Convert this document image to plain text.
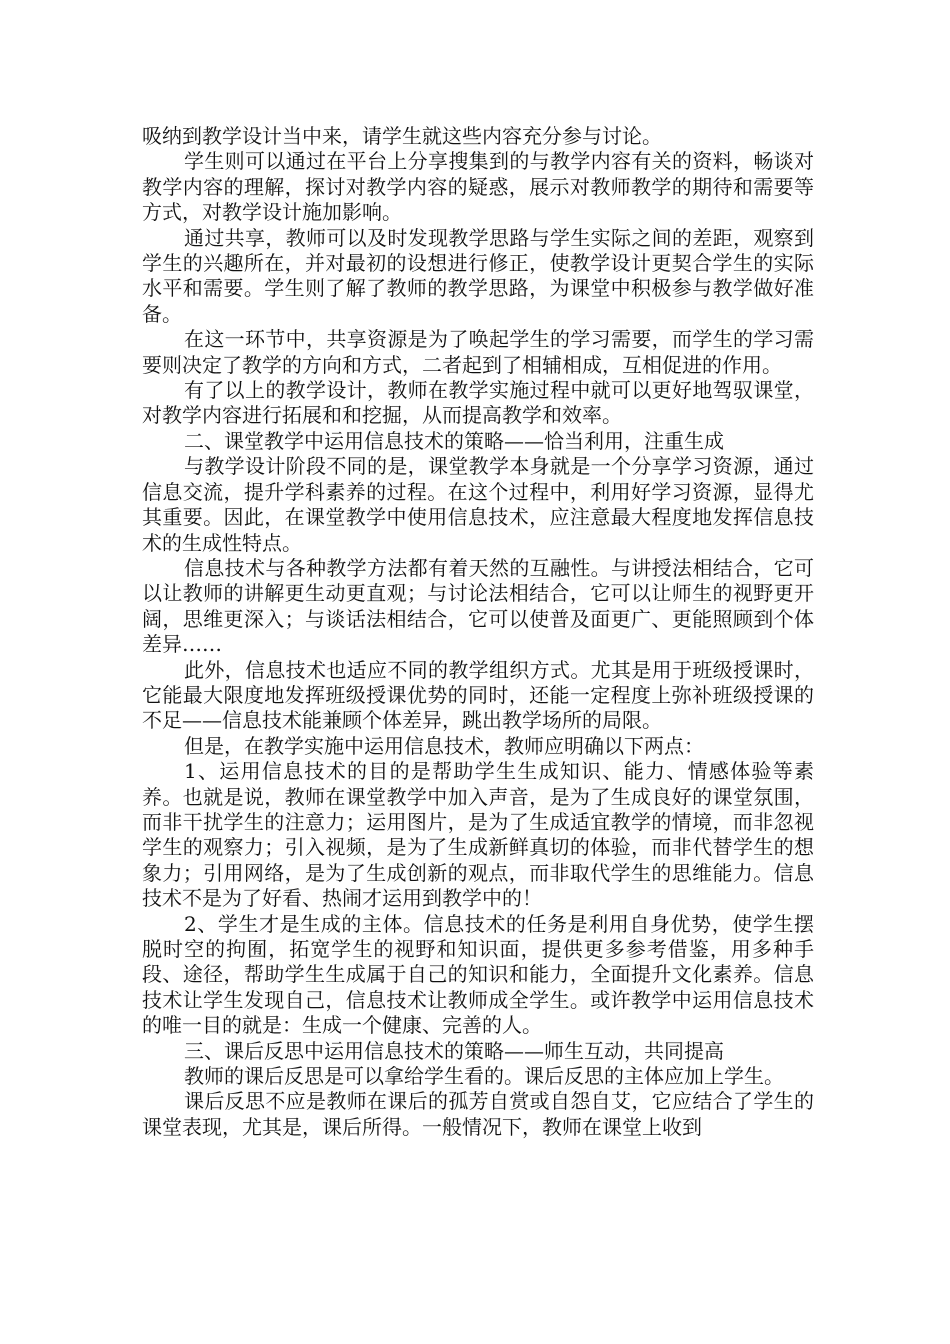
吸纳到教学设计当中来，请学生就这些内容充分参与讨论。

学生则可以通过在平台上分享搜集到的与教学内容有关的资料，畅谈对教学内容的理解，探讨对教学内容的疑惑，展示对教师教学的期待和需要等方式，对教学设计施加影响。

通过共享，教师可以及时发现教学思路与学生实际之间的差距，观察到学生的兴趣所在，并对最初的设想进行修正，使教学设计更契合学生的实际水平和需要。学生则了解了教师的教学思路，为课堂中积极参与教学做好准备。

在这一环节中，共享资源是为了唤起学生的学习需要，而学生的学习需要则决定了教学的方向和方式，二者起到了相辅相成，互相促进的作用。

有了以上的教学设计，教师在教学实施过程中就可以更好地驾驭课堂，对教学内容进行拓展和和挖掘，从而提高教学和效率。

二、课堂教学中运用信息技术的策略——恰当利用，注重生成

与教学设计阶段不同的是，课堂教学本身就是一个分享学习资源，通过信息交流，提升学科素养的过程。在这个过程中，利用好学习资源，显得尤其重要。因此，在课堂教学中使用信息技术，应注意最大程度地发挥信息技术的生成性特点。

信息技术与各种教学方法都有着天然的互融性。与讲授法相结合，它可以让教师的讲解更生动更直观；与讨论法相结合，它可以让师生的视野更开阔，思维更深入；与谈话法相结合，它可以使普及面更广、更能照顾到个体差异……

此外，信息技术也适应不同的教学组织方式。尤其是用于班级授课时，它能最大限度地发挥班级授课优势的同时，还能一定程度上弥补班级授课的不足——信息技术能兼顾个体差异，跳出教学场所的局限。

但是，在教学实施中运用信息技术，教师应明确以下两点：

1、运用信息技术的目的是帮助学生生成知识、能力、情感体验等素养。也就是说，教师在课堂教学中加入声音，是为了生成良好的课堂氛围，而非干扰学生的注意力；运用图片，是为了生成适宜教学的情境，而非忽视学生的观察力；引入视频，是为了生成新鲜真切的体验，而非代替学生的想象力；引用网络，是为了生成创新的观点，而非取代学生的思维能力。信息技术不是为了好看、热闹才运用到教学中的！

2、学生才是生成的主体。信息技术的任务是利用自身优势，使学生摆脱时空的拘囿，拓宽学生的视野和知识面，提供更多参考借鉴，用多种手段、途径，帮助学生生成属于自己的知识和能力，全面提升文化素养。信息技术让学生发现自己，信息技术让教师成全学生。或许教学中运用信息技术的唯一目的就是：生成一个健康、完善的人。

三、课后反思中运用信息技术的策略——师生互动，共同提高

教师的课后反思是可以拿给学生看的。课后反思的主体应加上学生。

课后反思不应是教师在课后的孤芳自赏或自怨自艾，它应结合了学生的课堂表现，尤其是，课后所得。一般情况下，教师在课堂上收到
